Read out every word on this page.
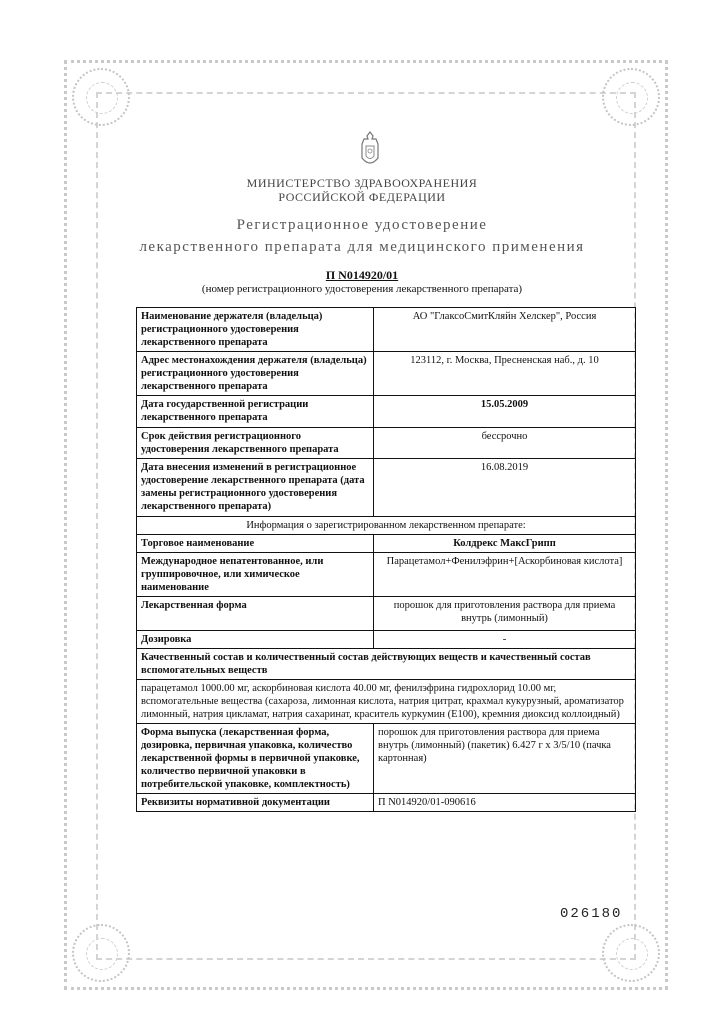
МИНИСТЕРСТВО ЗДРАВООХРАНЕНИЯ
РОССИЙСКОЙ ФЕДЕРАЦИИ
Регистрационное удостоверение
лекарственного препарата для медицинского применения
П N014920/01
(номер регистрационного удостоверения лекарственного препарата)
Наименование держателя (владельца) регистрационного удостоверения лекарственного препарата	АО "ГлаксоСмитКляйн Хелскер", Россия
Адрес местонахождения держателя (владельца) регистрационного удостоверения лекарственного препарата	123112, г. Москва, Пресненская наб., д. 10
Дата государственной регистрации лекарственного препарата	15.05.2009
Срок действия регистрационного удостоверения лекарственного препарата	бессрочно
Дата внесения изменений в регистрационное удостоверение лекарственного препарата (дата замены регистрационного удостоверения лекарственного препарата)	16.08.2019
Информация о зарегистрированном лекарственном препарате:	
Торговое наименование	Колдрекс МаксГрипп
Международное непатентованное, или группировочное, или химическое наименование	Парацетамол+Фенилэфрин+[Аскорбиновая кислота]
Лекарственная форма	порошок для приготовления раствора для приема внутрь (лимонный)
Дозировка	-
Качественный состав и количественный состав действующих веществ и качественный состав вспомогательных веществ	
парацетамол 1000.00 мг, аскорбиновая кислота 40.00 мг, фенилэфрина гидрохлорид 10.00 мг, вспомогательные вещества (сахароза, лимонная кислота, натрия цитрат, крахмал кукурузный, ароматизатор лимонный, натрия цикламат, натрия сахаринат, краситель куркумин (E100), кремния диоксид коллоидный)	
Форма выпуска (лекарственная форма, дозировка, первичная упаковка, количество лекарственной формы в первичной упаковке, количество первичной упаковки в потребительской упаковке, комплектность)	порошок для приготовления раствора для приема внутрь (лимонный) (пакетик) 6.427 г x 3/5/10 (пачка картонная)
Реквизиты нормативной документации	П N014920/01-090616
026180
